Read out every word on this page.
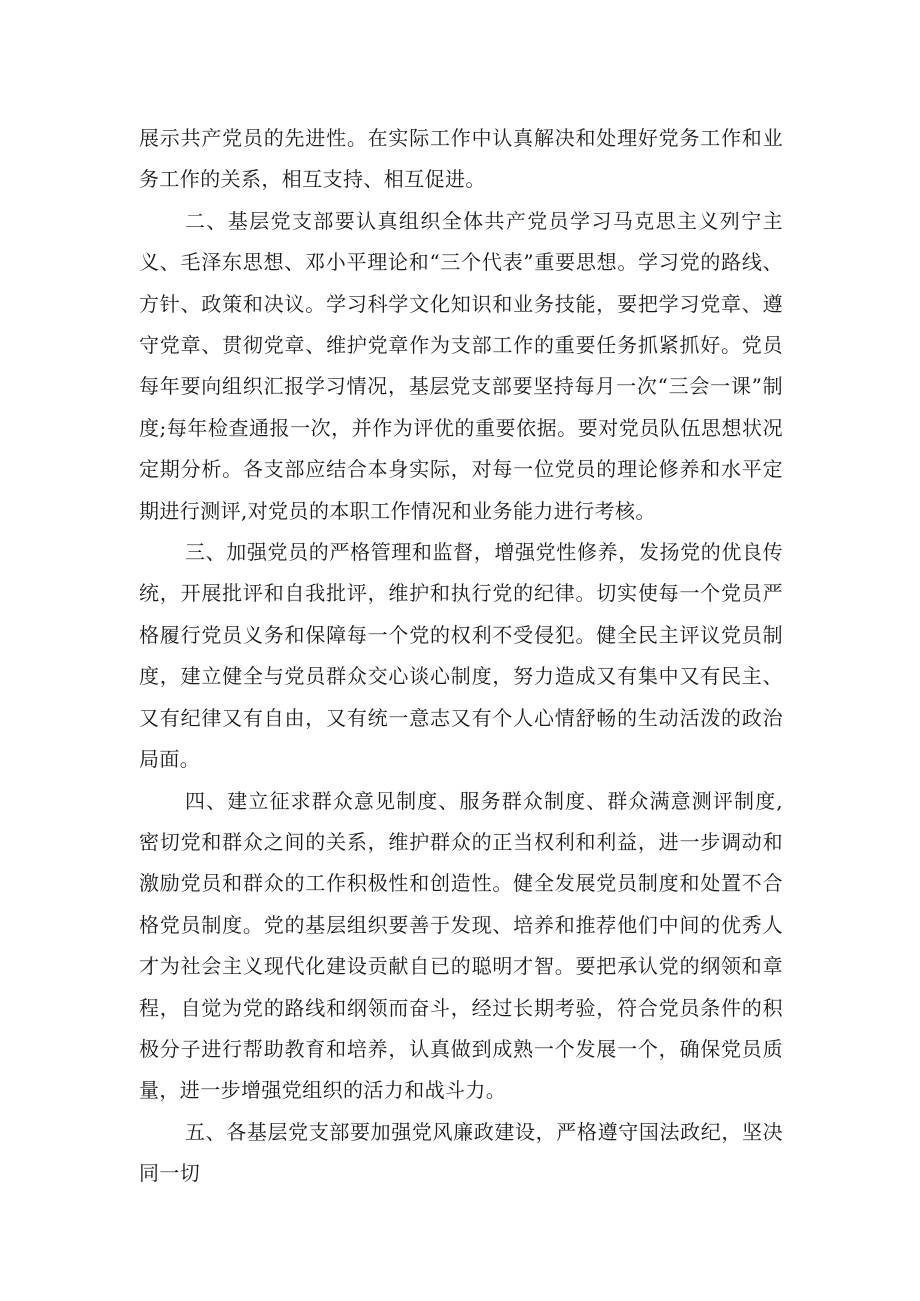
展示共产党员的先进性。在实际工作中认真解决和处理好党务工作和业务工作的关系，相互支持、相互促进。

二、基层党支部要认真组织全体共产党员学习马克思主义列宁主义、毛泽东思想、邓小平理论和“三个代表”重要思想。学习党的路线、方针、政策和决议。学习科学文化知识和业务技能，要把学习党章、遵守党章、贯彻党章、维护党章作为支部工作的重要任务抓紧抓好。党员每年要向组织汇报学习情况，基层党支部要坚持每月一次“三会一课”制度;每年检查通报一次，并作为评优的重要依据。要对党员队伍思想状况定期分析。各支部应结合本身实际，对每一位党员的理论修养和水平定期进行测评,对党员的本职工作情况和业务能力进行考核。

三、加强党员的严格管理和监督，增强党性修养，发扬党的优良传统，开展批评和自我批评，维护和执行党的纪律。切实使每一个党员严格履行党员义务和保障每一个党的权利不受侵犯。健全民主评议党员制度，建立健全与党员群众交心谈心制度，努力造成又有集中又有民主、又有纪律又有自由，又有统一意志又有个人心情舒畅的生动活泼的政治局面。

四、建立征求群众意见制度、服务群众制度、群众满意测评制度,密切党和群众之间的关系，维护群众的正当权利和利益，进一步调动和激励党员和群众的工作积极性和创造性。健全发展党员制度和处置不合格党员制度。党的基层组织要善于发现、培养和推荐他们中间的优秀人才为社会主义现代化建设贡献自已的聪明才智。要把承认党的纲领和章程，自觉为党的路线和纲领而奋斗，经过长期考验，符合党员条件的积极分子进行帮助教育和培养，认真做到成熟一个发展一个，确保党员质量，进一步增强党组织的活力和战斗力。

五、各基层党支部要加强党风廉政建设，严格遵守国法政纪，坚决同一切
